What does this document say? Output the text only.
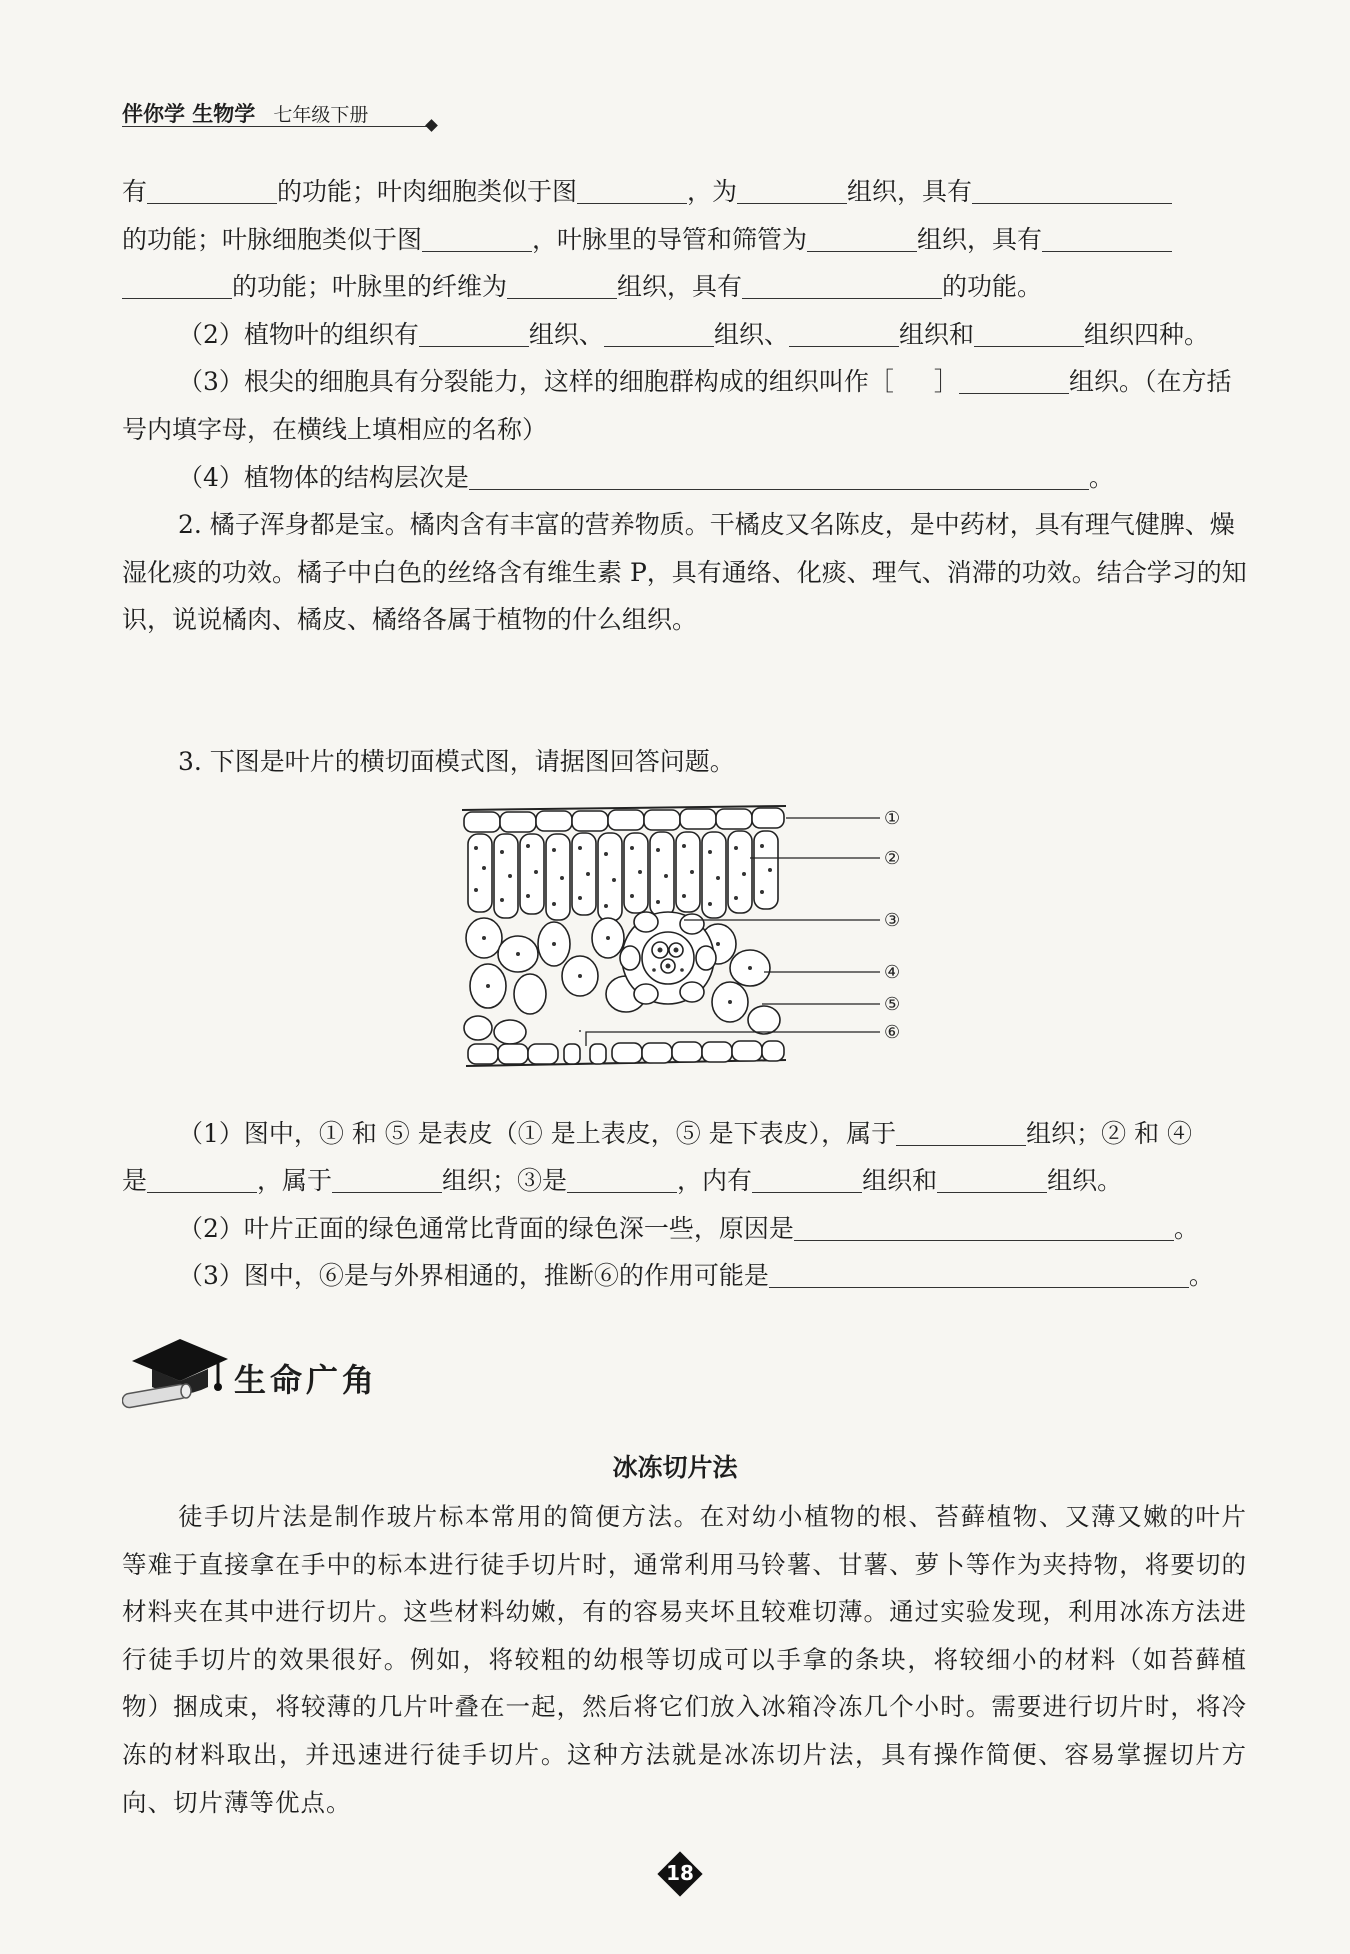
伴你学 生物学 七年级下册

有	的功能；叶肉细胞类似于图	，为	组织，具有

的功能；叶脉细胞类似于图	，叶脉里的导管和筛管为	组织，具有

的功能；叶脉里的纤维为	组织，具有	的功能。

（2）植物叶的组织有	组织、	组织、	组织和	组织四种。

（3）根尖的细胞具有分裂能力，这样的细胞群构成的组织叫作［ ］	组织。（在方括号内填字母，在横线上填相应的名称）

（4）植物体的结构层次是	。

2. 橘子浑身都是宝。橘肉含有丰富的营养物质。干橘皮又名陈皮，是中药材，具有理气健脾、燥湿化痰的功效。橘子中白色的丝络含有维生素 P，具有通络、化痰、理气、消滞的功效。结合学习的知识，说说橘肉、橘皮、橘络各属于植物的什么组织。

3. 下图是叶片的横切面模式图，请据图回答问题。

①
②
③
④
⑤
⑥

（1）图中，① 和 ⑤ 是表皮（① 是上表皮，⑤ 是下表皮），属于	组织；② 和 ④

是	，属于	组织；③是	，内有	组织和	组织。

（2）叶片正面的绿色通常比背面的绿色深一些，原因是	。

（3）图中，⑥是与外界相通的，推断⑥的作用可能是	。

生命广角
冰冻切片法

徒手切片法是制作玻片标本常用的简便方法。在对幼小植物的根、苔藓植物、又薄又嫩的叶片等难于直接拿在手中的标本进行徒手切片时，通常利用马铃薯、甘薯、萝卜等作为夹持物，将要切的材料夹在其中进行切片。这些材料幼嫩，有的容易夹坏且较难切薄。通过实验发现，利用冰冻方法进行徒手切片的效果很好。例如，将较粗的幼根等切成可以手拿的条块，将较细小的材料（如苔藓植物）捆成束，将较薄的几片叶叠在一起，然后将它们放入冰箱冷冻几个小时。需要进行切片时，将冷冻的材料取出，并迅速进行徒手切片。这种方法就是冰冻切片法，具有操作简便、容易掌握切片方向、切片薄等优点。

18
